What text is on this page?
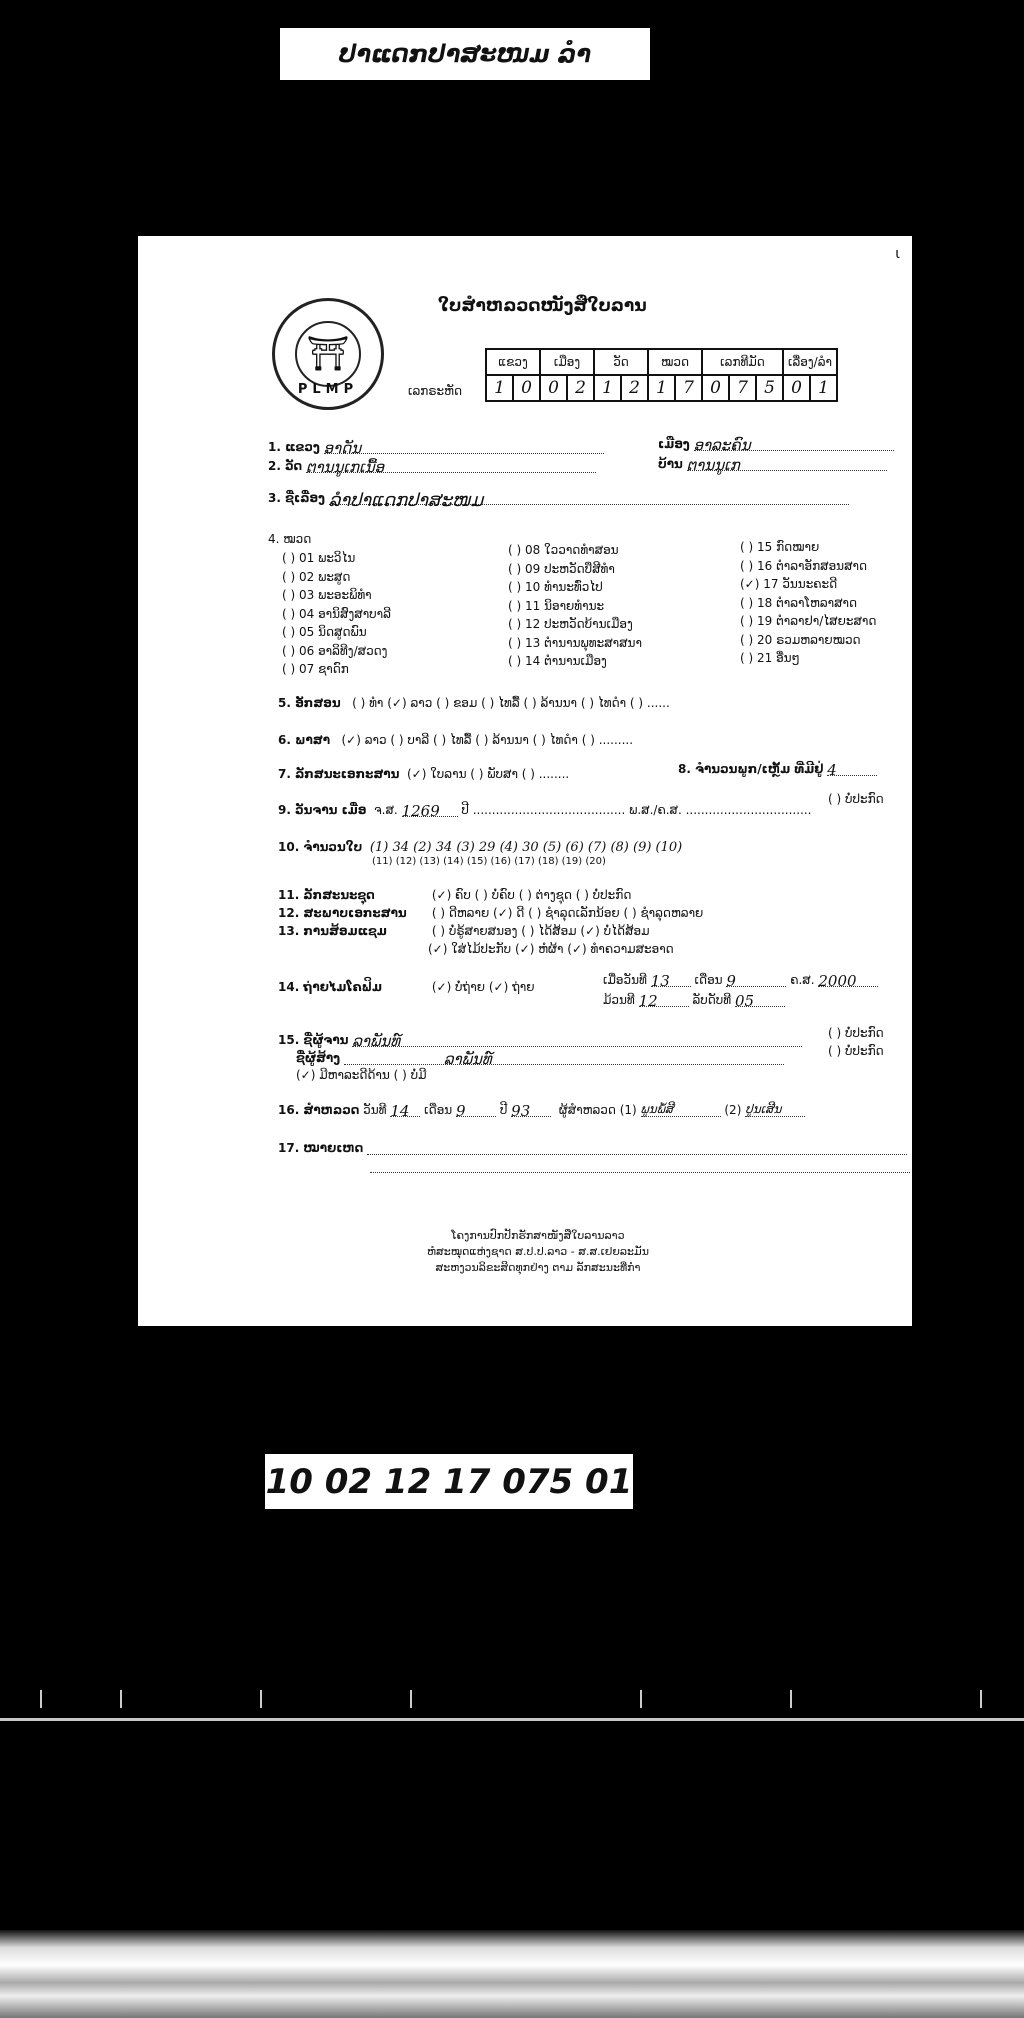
ປາແດກປາສະໜມ ລຳ
ι
⛩
PLMP
ໃບສຳຫລວດໜັງສືໃບລານ
ເລກຣະຫັດ
ແຂວງ		ເມືອງ		ວັດ		ໝວດ		ເລກທີມັດ			ເລື່ອງ/ລຳ	
1	0	0	2	1	2	1	7	0	7	5	0	1
1. ແຂວງ ອາດັນ	ເມືອງ ອາລະຄົນ
2. ວັດ ຕານນູເກເນື້ອ	ບ້ານ ຕານນູເກ
3. ຊື່ເລື່ອງ ລຳປາແດກປາສະໜມ
4. ໝວດ
( ) 01 ພະວິໄນ
( ) 02 ພະສູດ
( ) 03 ພະອະພິທຳ
( ) 04 ອານິສົງສາບາລີ
( ) 05 ນິດສູດພົນ
( ) 06 ອາລິທີງ/ສວດງ
( ) 07 ຊາດົກ
( ) 08 ໃວວາດທຳສອນ
( ) 09 ປະຫວັດບືສີທຳ
( ) 10 ທຳນະທົ່ວໄປ
( ) 11 ນິອາຍທຳນະ
( ) 12 ປະຫວັດບ້ານເມືອງ
( ) 13 ຕຳນານພຸທະສາສນາ
( ) 14 ຕຳນານເມືອງ
( ) 15 ກົດໝາຍ
( ) 16 ຕຳລາອັກສອນສາດ
(✓) 17 ວັນນະຄະດີ
( ) 18 ຕຳລາໂຫລາສາດ
( ) 19 ຕຳລາຢາ/ໄສຍະສາດ
( ) 20 ຣວມຫລາຍໝວດ
( ) 21 ອື່ນໆ
5. ອັກສອນ ( ) ທຳ (✓) ລາວ ( ) ຂອມ ( ) ໄທລື້ ( ) ລ້ານນາ ( ) ໄທດຳ ( ) ......
6. ພາສາ (✓) ລາວ ( ) ບາລີ ( ) ໄທລື້ ( ) ລ້ານນາ ( ) ໄທດຳ ( ) .........
7. ລັກສນະເອກະສານ (✓) ໃບລານ ( ) ພັບສາ ( ) ........	8. ຈຳນວນພູກ/ເຫຼັ້ມ ທີ່ມີຢູ່ 4
9. ວັນຈານ ເມື່ອ ຈ.ສ. 1269 ປີ ........................................ ພ.ສ./ຄ.ສ. .................................
( ) ບໍ່ປະກົດ
10. ຈຳນວນໃບ (1) 34 (2) 34 (3) 29 (4) 30 (5) (6) (7) (8) (9) (10)
(11) (12) (13) (14) (15) (16) (17) (18) (19) (20)
11. ລັກສະນະຊຸດ	(✓) ຄົບ ( ) ບໍ່ຄົບ ( ) ຕ່າງຊຸດ ( ) ບໍ່ປະກົດ
12. ສະພາບເອກະສານ ( ) ດີຫລາຍ (✓) ດີ ( ) ຊຳລຸດເລັກນ້ອຍ ( ) ຊຳລຸດຫລາຍ
13. ການສ້ອມແຊມ	( ) ບໍ່ຣູ້ສາຍສນອງ ( ) ໄດ້ສ້ອມ (✓) ບໍ່ໄດ້ສ້ອມ
(✓) ໃສ່ໄມ້ປະກັບ (✓) ຫໍຜ້າ (✓) ທຳຄວາມສະອາດ
14. ຖ່າຍໄມໂຄຟິມ	(✓) ບໍ່ຖ່າຍ (✓) ຖ່າຍ	ເມື່ອວັນທີ 13 ເດືອນ 9	ຄ.ສ. 2000
ມ້ວນທີ 12	ລັບດັບທີ 05
15. ຊື່ຜູ້ຈານ ລາພັນທ໌
ຊື່ຜູ້ສ້າງ	ລາພັນທ໌
( ) ບໍ່ປະກົດ
( ) ບໍ່ປະກົດ
(✓) ມີຫາລະດີດ້ານ ( ) ບໍ່ມີ
16. ສຳຫລວດ ວັນທີ 14 ເດືອນ 9	ປີ 93 ຜູ້ສຳຫລວດ (1) ພູນພໍ້ສີ	(2) ປູນເສີນ
17. ໝາຍເຫດ
ໂຄງການປົກປັກຮັກສາໜັງສືໃບລານລາວ
ຫໍສະໝຸດແຫ່ງຊາດ ສ.ປ.ປ.ລາວ - ສ.ສ.ເຢຍລະມັນ
ສະຫງວນລິຂະສິດທຸກຢ່າງ ຕາມ ລັກສະນະທີ່ກຳ
10 02 12 17 075 01
